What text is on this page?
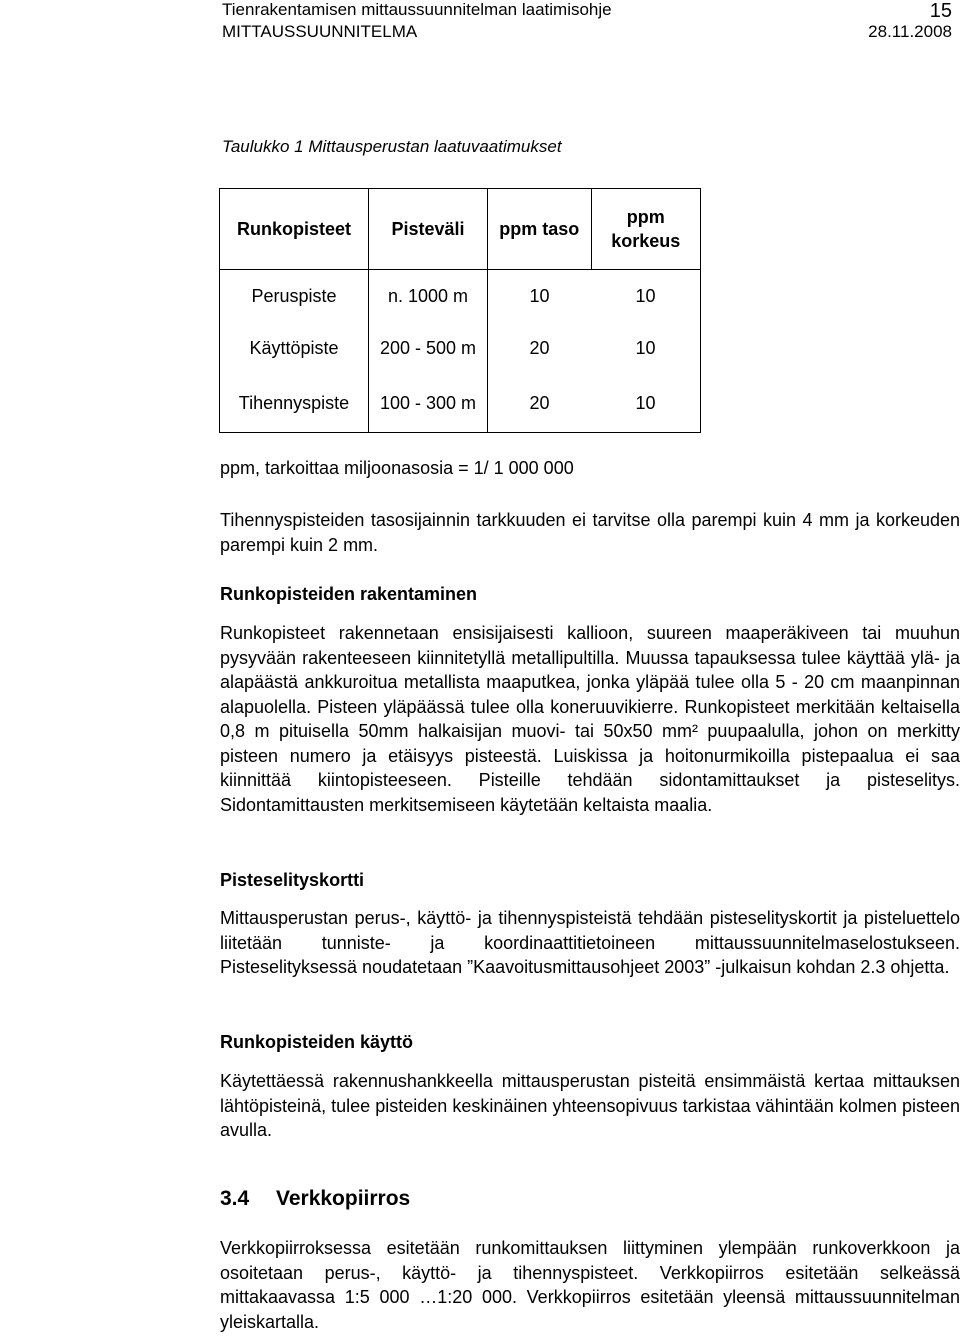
Tienrakentamisen mittaussuunnitelman laatimisohje
MITTAUSSUUNNITELMA
15
28.11.2008
Taulukko 1 Mittausperustan laatuvaatimukset
Runkopisteet	Pisteväli	ppm taso	ppm korkeus
Peruspiste	n. 1000 m	10	10
Käyttöpiste	200 - 500 m	20	10
Tihennyspiste	100 - 300 m	20	10

ppm, tarkoittaa miljoonasosia = 1/ 1 000 000

Tihennyspisteiden tasosijainnin tarkkuuden ei tarvitse olla parempi kuin 4 mm ja korkeuden parempi kuin 2 mm.

Runkopisteiden rakentaminen

Runkopisteet rakennetaan ensisijaisesti kallioon, suureen maaperäkiveen tai muuhun pysyvään rakenteeseen kiinnitetyllä metallipultilla. Muussa tapauksessa tulee käyttää ylä- ja alapäästä ankkuroitua metallista maaputkea, jonka yläpää tulee olla 5 - 20 cm maanpinnan alapuolella. Pisteen yläpäässä tulee olla koneruuvikierre. Runkopisteet merkitään keltaisella 0,8 m pituisella 50mm halkaisijan muovi- tai 50x50 mm² puupaalulla, johon on merkitty pisteen numero ja etäisyys pisteestä. Luiskissa ja hoitonurmikoilla pistepaalua ei saa kiinnittää kiintopisteeseen. Pisteille tehdään sidontamittaukset ja pisteselitys. Sidontamittausten merkitsemiseen käytetään keltaista maalia.

Pisteselityskortti

Mittausperustan perus-, käyttö- ja tihennyspisteistä tehdään pisteselityskortit ja pisteluettelo liitetään tunniste- ja koordinaattitietoineen mittaussuunnitelmaselostukseen. Pisteselityksessä noudatetaan ”Kaavoitusmittausohjeet 2003” -julkaisun kohdan 2.3 ohjetta.

Runkopisteiden käyttö

Käytettäessä rakennushankkeella mittausperustan pisteitä ensimmäistä kertaa mittauksen lähtöpisteinä, tulee pisteiden keskinäinen yhteensopivuus tarkistaa vähintään kolmen pisteen avulla.

3.4 Verkkopiirros

Verkkopiirroksessa esitetään runkomittauksen liittyminen ylempään runkoverkkoon ja osoitetaan perus-, käyttö- ja tihennyspisteet. Verkkopiirros esitetään selkeässä mittakaavassa 1:5 000 …1:20 000. Verkkopiirros esitetään yleensä mittaussuunnitelman yleiskartalla.
